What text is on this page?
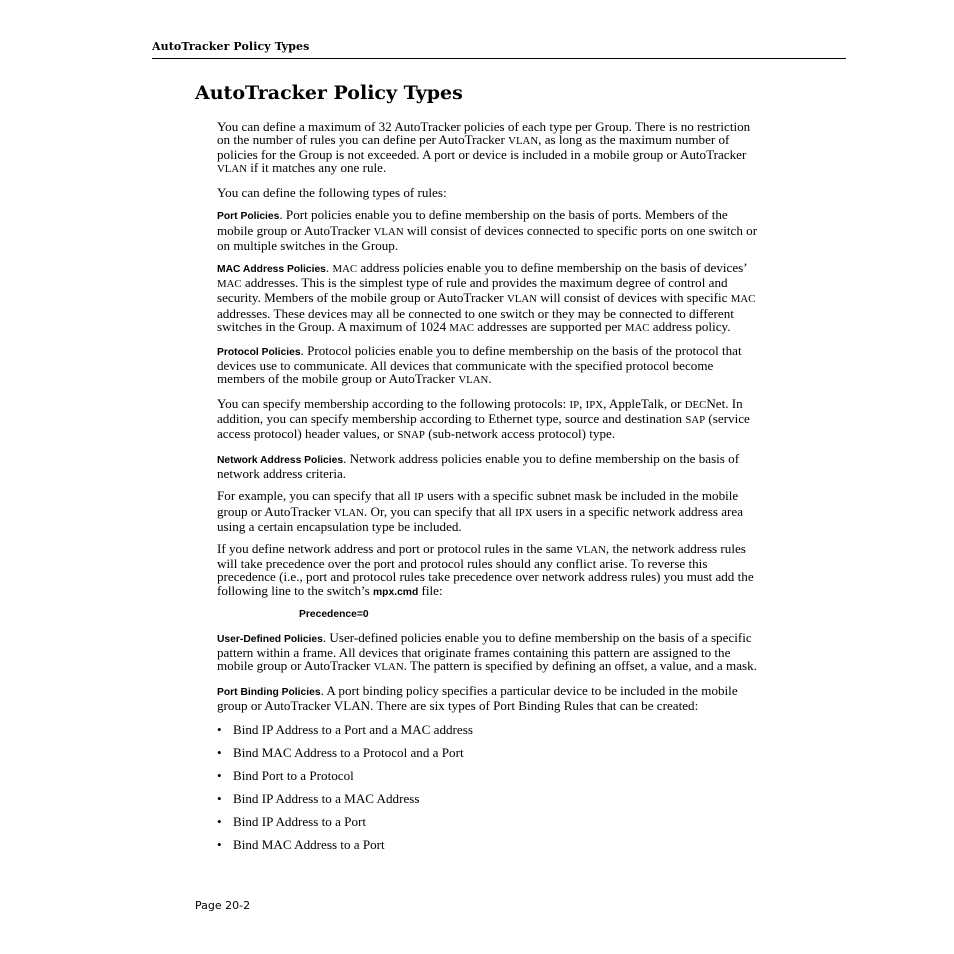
AutoTracker Policy Types
AutoTracker Policy Types

You can define a maximum of 32 AutoTracker policies of each type per Group. There is no restriction on the number of rules you can define per AutoTracker VLAN, as long as the maximum number of policies for the Group is not exceeded. A port or device is included in a mobile group or AutoTracker VLAN if it matches any one rule.

You can define the following types of rules:

Port Policies. Port policies enable you to define membership on the basis of ports. Members of the mobile group or AutoTracker VLAN will consist of devices connected to specific ports on one switch or on multiple switches in the Group.

MAC Address Policies. MAC address policies enable you to define membership on the basis of devices’ MAC addresses. This is the simplest type of rule and provides the maximum degree of control and security. Members of the mobile group or AutoTracker VLAN will consist of devices with specific MAC addresses. These devices may all be connected to one switch or they may be connected to different switches in the Group. A maximum of 1024 MAC addresses are supported per MAC address policy.

Protocol Policies. Protocol policies enable you to define membership on the basis of the protocol that devices use to communicate. All devices that communicate with the specified protocol become members of the mobile group or AutoTracker VLAN.

You can specify membership according to the following protocols: IP, IPX, AppleTalk, or DECNet. In addition, you can specify membership according to Ethernet type, source and destination SAP (service access protocol) header values, or SNAP (sub-network access protocol) type.

Network Address Policies. Network address policies enable you to define membership on the basis of network address criteria.

For example, you can specify that all IP users with a specific subnet mask be included in the mobile group or AutoTracker VLAN. Or, you can specify that all IPX users in a specific network address area using a certain encapsulation type be included.

If you define network address and port or protocol rules in the same VLAN, the network address rules will take precedence over the port and protocol rules should any conflict arise. To reverse this precedence (i.e., port and protocol rules take precedence over network address rules) you must add the following line to the switch’s mpx.cmd file:

Precedence=0

User-Defined Policies. User-defined policies enable you to define membership on the basis of a specific pattern within a frame. All devices that originate frames containing this pattern are assigned to the mobile group or AutoTracker VLAN. The pattern is specified by defining an offset, a value, and a mask.

Port Binding Policies. A port binding policy specifies a particular device to be included in the mobile group or AutoTracker VLAN. There are six types of Port Binding Rules that can be created:

• Bind IP Address to a Port and a MAC address
• Bind MAC Address to a Protocol and a Port
• Bind Port to a Protocol
• Bind IP Address to a MAC Address
• Bind IP Address to a Port
• Bind MAC Address to a Port
Page 20-2
